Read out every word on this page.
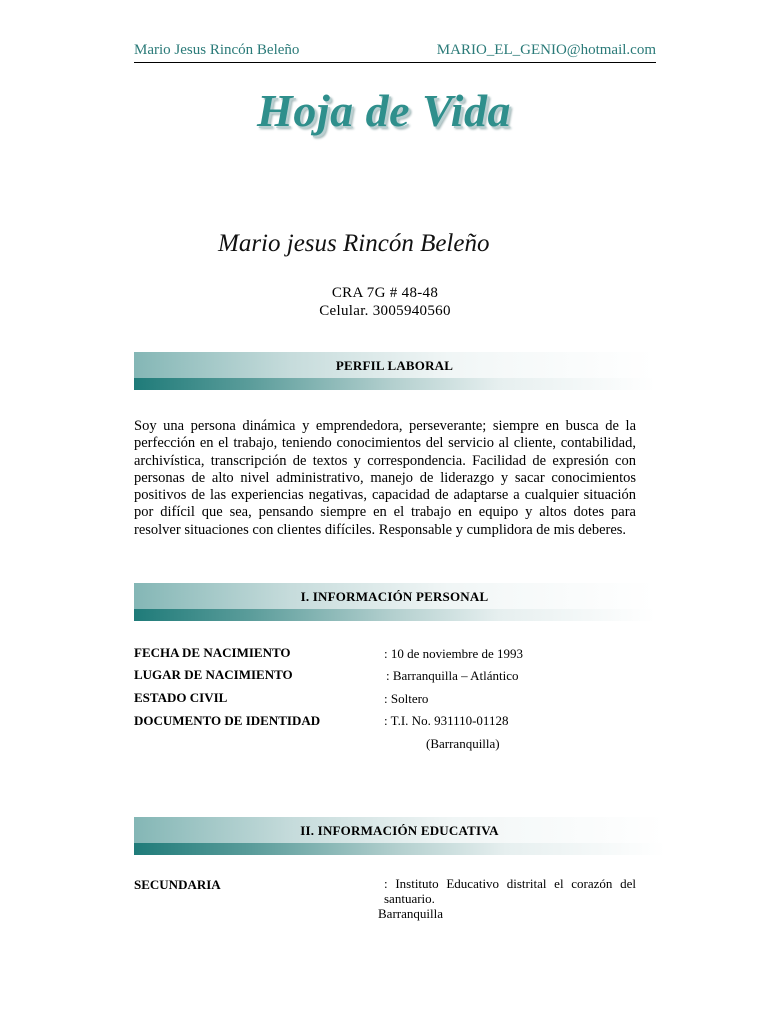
Mario Jesus Rincón Beleño	MARIO_EL_GENIO@hotmail.com
Hoja de Vida
Mario jesus Rincón Beleño
CRA 7G # 48-48
Celular. 3005940560
PERFIL LABORAL
Soy una persona dinámica y emprendedora, perseverante; siempre en busca de la perfección en el trabajo, teniendo conocimientos del servicio al cliente, contabilidad, archivística, transcripción de textos y correspondencia. Facilidad de expresión con personas de alto nivel administrativo, manejo de liderazgo y sacar conocimientos positivos de las experiencias negativas, capacidad de adaptarse a cualquier situación por difícil que sea, pensando siempre en el trabajo en equipo y altos dotes para resolver situaciones con clientes difíciles. Responsable y cumplidora de mis deberes.
I. INFORMACIÓN PERSONAL
FECHA DE NACIMIENTO	: 10 de noviembre de 1993
LUGAR DE NACIMIENTO	: Barranquilla – Atlántico
ESTADO CIVIL	: Soltero
DOCUMENTO DE IDENTIDAD	: T.I. No. 931110-01128
(Barranquilla)
II. INFORMACIÓN EDUCATIVA
SECUNDARIA	: Instituto Educativo distrital el corazón del santuario.
Barranquilla
